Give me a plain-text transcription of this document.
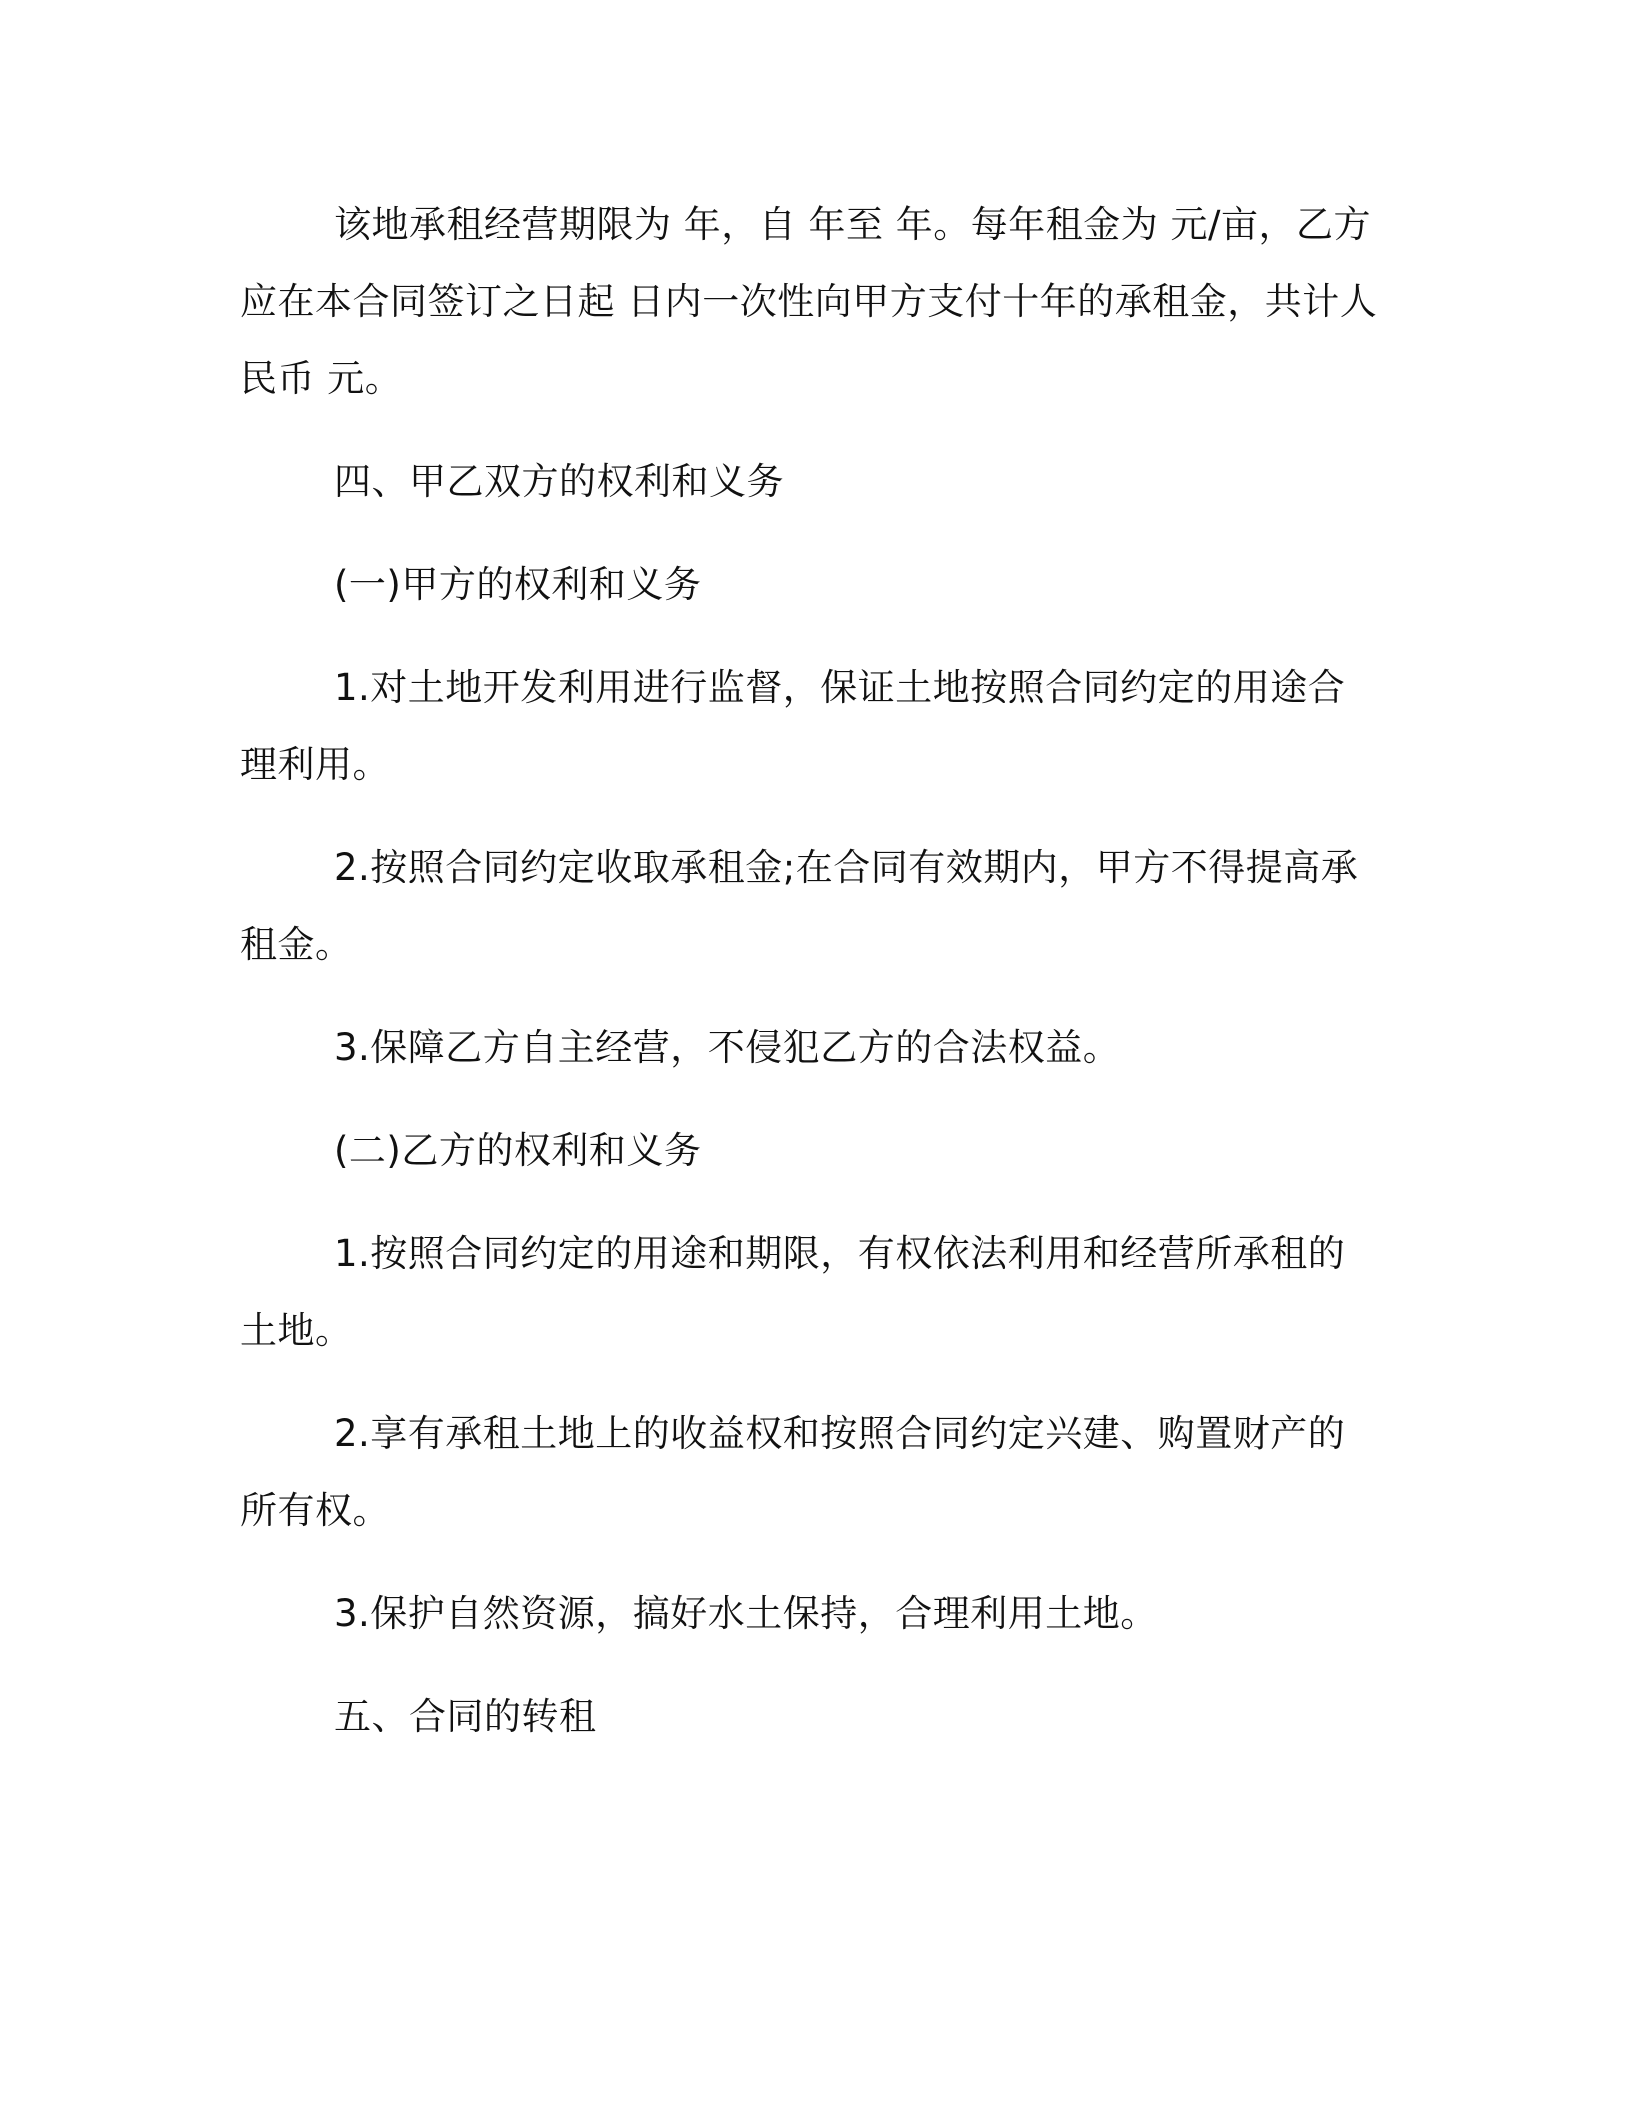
该地承租经营期限为 年，自 年至 年。每年租金为 元/亩，乙方应在本合同签订之日起 日内一次性向甲方支付十年的承租金，共计人民币 元。

四、甲乙双方的权利和义务

(一)甲方的权利和义务

1.对土地开发利用进行监督，保证土地按照合同约定的用途合理利用。

2.按照合同约定收取承租金;在合同有效期内，甲方不得提高承租金。

3.保障乙方自主经营，不侵犯乙方的合法权益。

(二)乙方的权利和义务

1.按照合同约定的用途和期限，有权依法利用和经营所承租的土地。

2.享有承租土地上的收益权和按照合同约定兴建、购置财产的所有权。

3.保护自然资源，搞好水土保持，合理利用土地。

五、合同的转租
